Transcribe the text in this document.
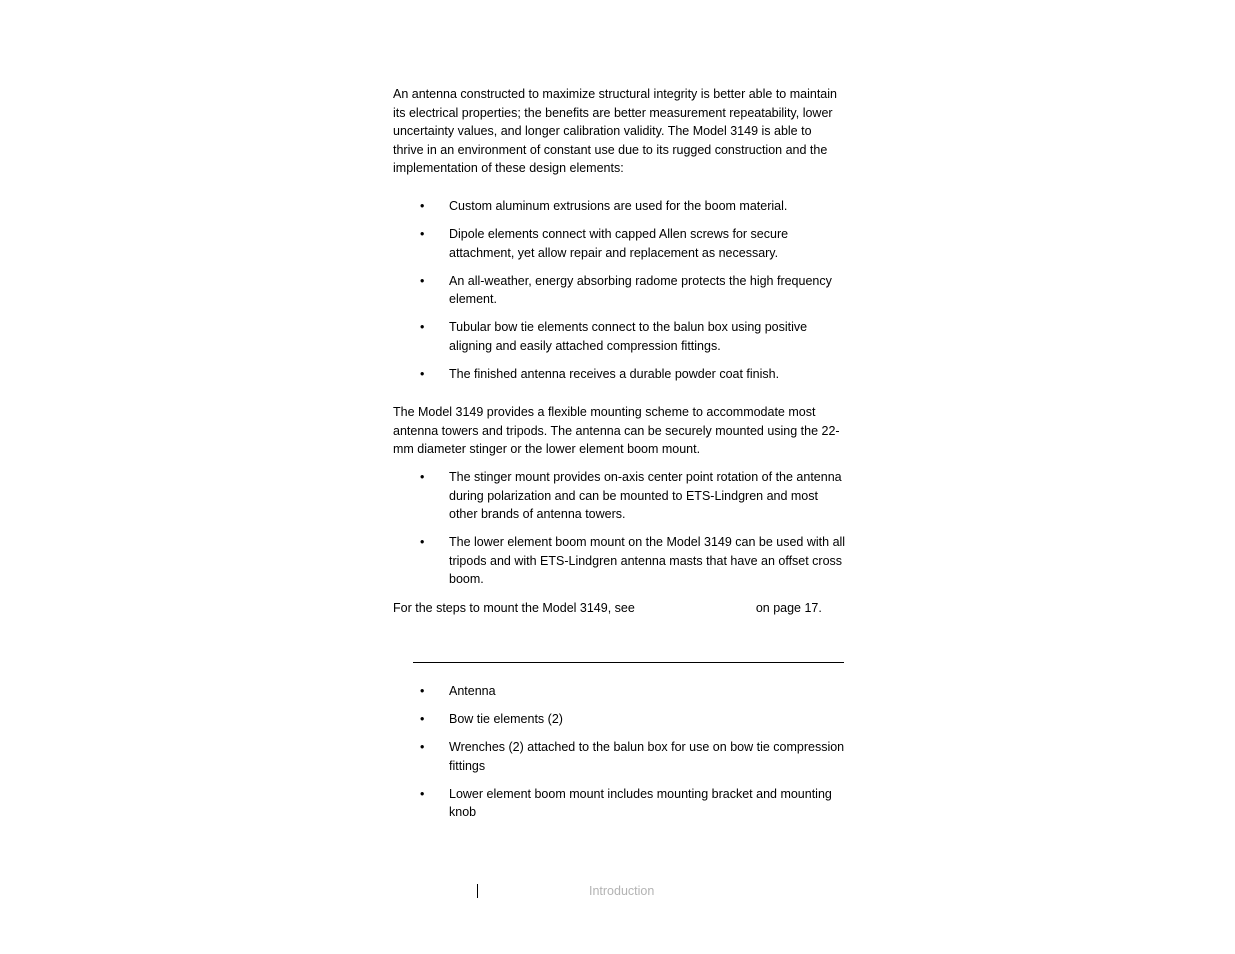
An antenna constructed to maximize structural integrity is better able to maintain its electrical properties; the benefits are better measurement repeatability, lower uncertainty values, and longer calibration validity. The Model 3149 is able to thrive in an environment of constant use due to its rugged construction and the implementation of these design elements:

• Custom aluminum extrusions are used for the boom material.
• Dipole elements connect with capped Allen screws for secure attachment, yet allow repair and replacement as necessary.
• An all-weather, energy absorbing radome protects the high frequency element.
• Tubular bow tie elements connect to the balun box using positive aligning and easily attached compression fittings.
• The finished antenna receives a durable powder coat finish.

The Model 3149 provides a flexible mounting scheme to accommodate most antenna towers and tripods. The antenna can be securely mounted using the 22-mm diameter stinger or the lower element boom mount.

• The stinger mount provides on-axis center point rotation of the antenna during polarization and can be mounted to ETS-Lindgren and most other brands of antenna towers.
• The lower element boom mount on the Model 3149 can be used with all tripods and with ETS-Lindgren antenna masts that have an offset cross boom.

For the steps to mount the Model 3149, see	on page 17.

• Antenna
• Bow tie elements (2)
• Wrenches (2) attached to the balun box for use on bow tie compression fittings
• Lower element boom mount includes mounting bracket and mounting knob
Introduction
